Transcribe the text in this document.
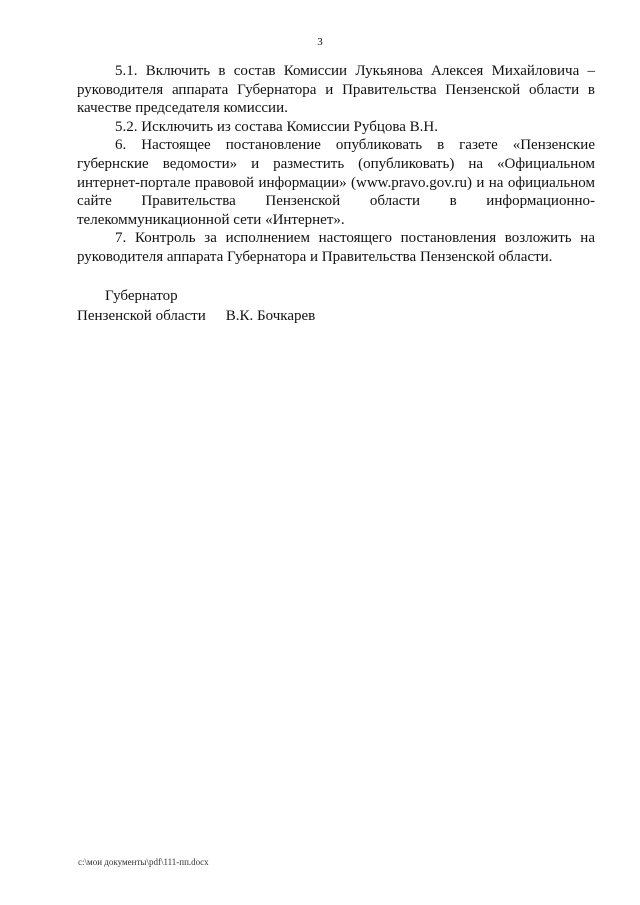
3

5.1. Включить в состав Комиссии Лукьянова Алексея Михайловича – руководителя аппарата Губернатора и Правительства Пензенской области в качестве председателя комиссии.

5.2. Исключить из состава Комиссии Рубцова В.Н.

6. Настоящее постановление опубликовать в газете «Пензенские губернские ведомости» и разместить (опубликовать) на «Официальном интернет-портале правовой информации» (www.pravo.gov.ru) и на официальном сайте Правительства Пензенской области в информационно-телекоммуникационной сети «Интернет».

7. Контроль за исполнением настоящего постановления возложить на руководителя аппарата Губернатора и Правительства Пензенской области.

Губернатор
Пензенской области В.К. Бочкарев
c:\мои документы\pdf\111-пп.docx
